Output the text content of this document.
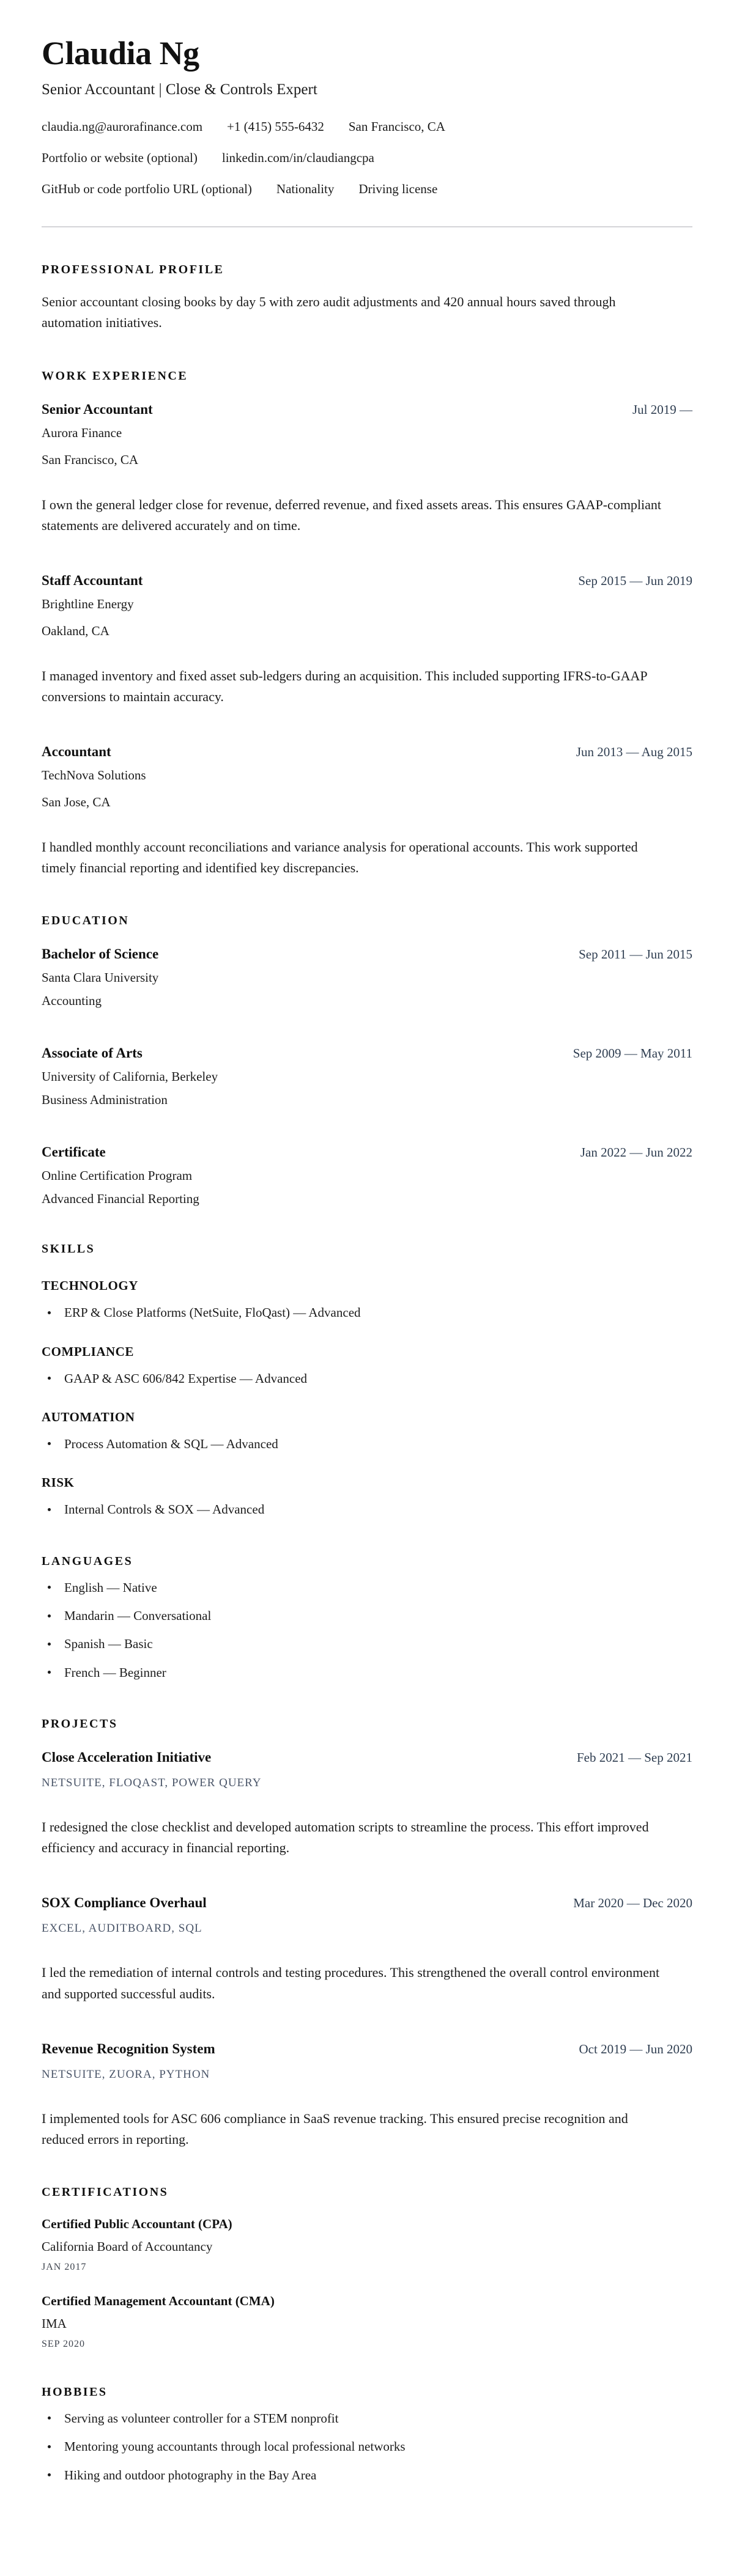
Claudia Ng
Senior Accountant | Close & Controls Expert
claudia.ng@aurorafinance.com +1 (415) 555-6432 San Francisco, CA
Portfolio or website (optional) linkedin.com/in/claudiangcpa
GitHub or code portfolio URL (optional) Nationality Driving license
PROFESSIONAL PROFILE

Senior accountant closing books by day 5 with zero audit adjustments and 420 annual hours saved through automation initiatives.

WORK EXPERIENCE
Senior Accountant	Jul 2019 —
Aurora Finance
San Francisco, CA

I own the general ledger close for revenue, deferred revenue, and fixed assets areas. This ensures GAAP-compliant statements are delivered accurately and on time.

Staff Accountant	Sep 2015 — Jun 2019
Brightline Energy
Oakland, CA

I managed inventory and fixed asset sub-ledgers during an acquisition. This included supporting IFRS-to-GAAP conversions to maintain accuracy.

Accountant	Jun 2013 — Aug 2015
TechNova Solutions
San Jose, CA

I handled monthly account reconciliations and variance analysis for operational accounts. This work supported timely financial reporting and identified key discrepancies.

EDUCATION
Bachelor of Science	Sep 2011 — Jun 2015
Santa Clara University
Accounting
Associate of Arts	Sep 2009 — May 2011
University of California, Berkeley
Business Administration
Certificate	Jan 2022 — Jun 2022
Online Certification Program
Advanced Financial Reporting
SKILLS
TECHNOLOGY
ERP & Close Platforms (NetSuite, FloQast) — Advanced
COMPLIANCE
GAAP & ASC 606/842 Expertise — Advanced
AUTOMATION
Process Automation & SQL — Advanced
RISK
Internal Controls & SOX — Advanced
LANGUAGES
English — Native
Mandarin — Conversational
Spanish — Basic
French — Beginner
PROJECTS
Close Acceleration Initiative	Feb 2021 — Sep 2021
NETSUITE, FLOQAST, POWER QUERY

I redesigned the close checklist and developed automation scripts to streamline the process. This effort improved efficiency and accuracy in financial reporting.

SOX Compliance Overhaul	Mar 2020 — Dec 2020
EXCEL, AUDITBOARD, SQL

I led the remediation of internal controls and testing procedures. This strengthened the overall control environment and supported successful audits.

Revenue Recognition System	Oct 2019 — Jun 2020
NETSUITE, ZUORA, PYTHON

I implemented tools for ASC 606 compliance in SaaS revenue tracking. This ensured precise recognition and reduced errors in reporting.

CERTIFICATIONS
Certified Public Accountant (CPA)
California Board of Accountancy
JAN 2017
Certified Management Accountant (CMA)
IMA
SEP 2020
HOBBIES
Serving as volunteer controller for a STEM nonprofit
Mentoring young accountants through local professional networks
Hiking and outdoor photography in the Bay Area
